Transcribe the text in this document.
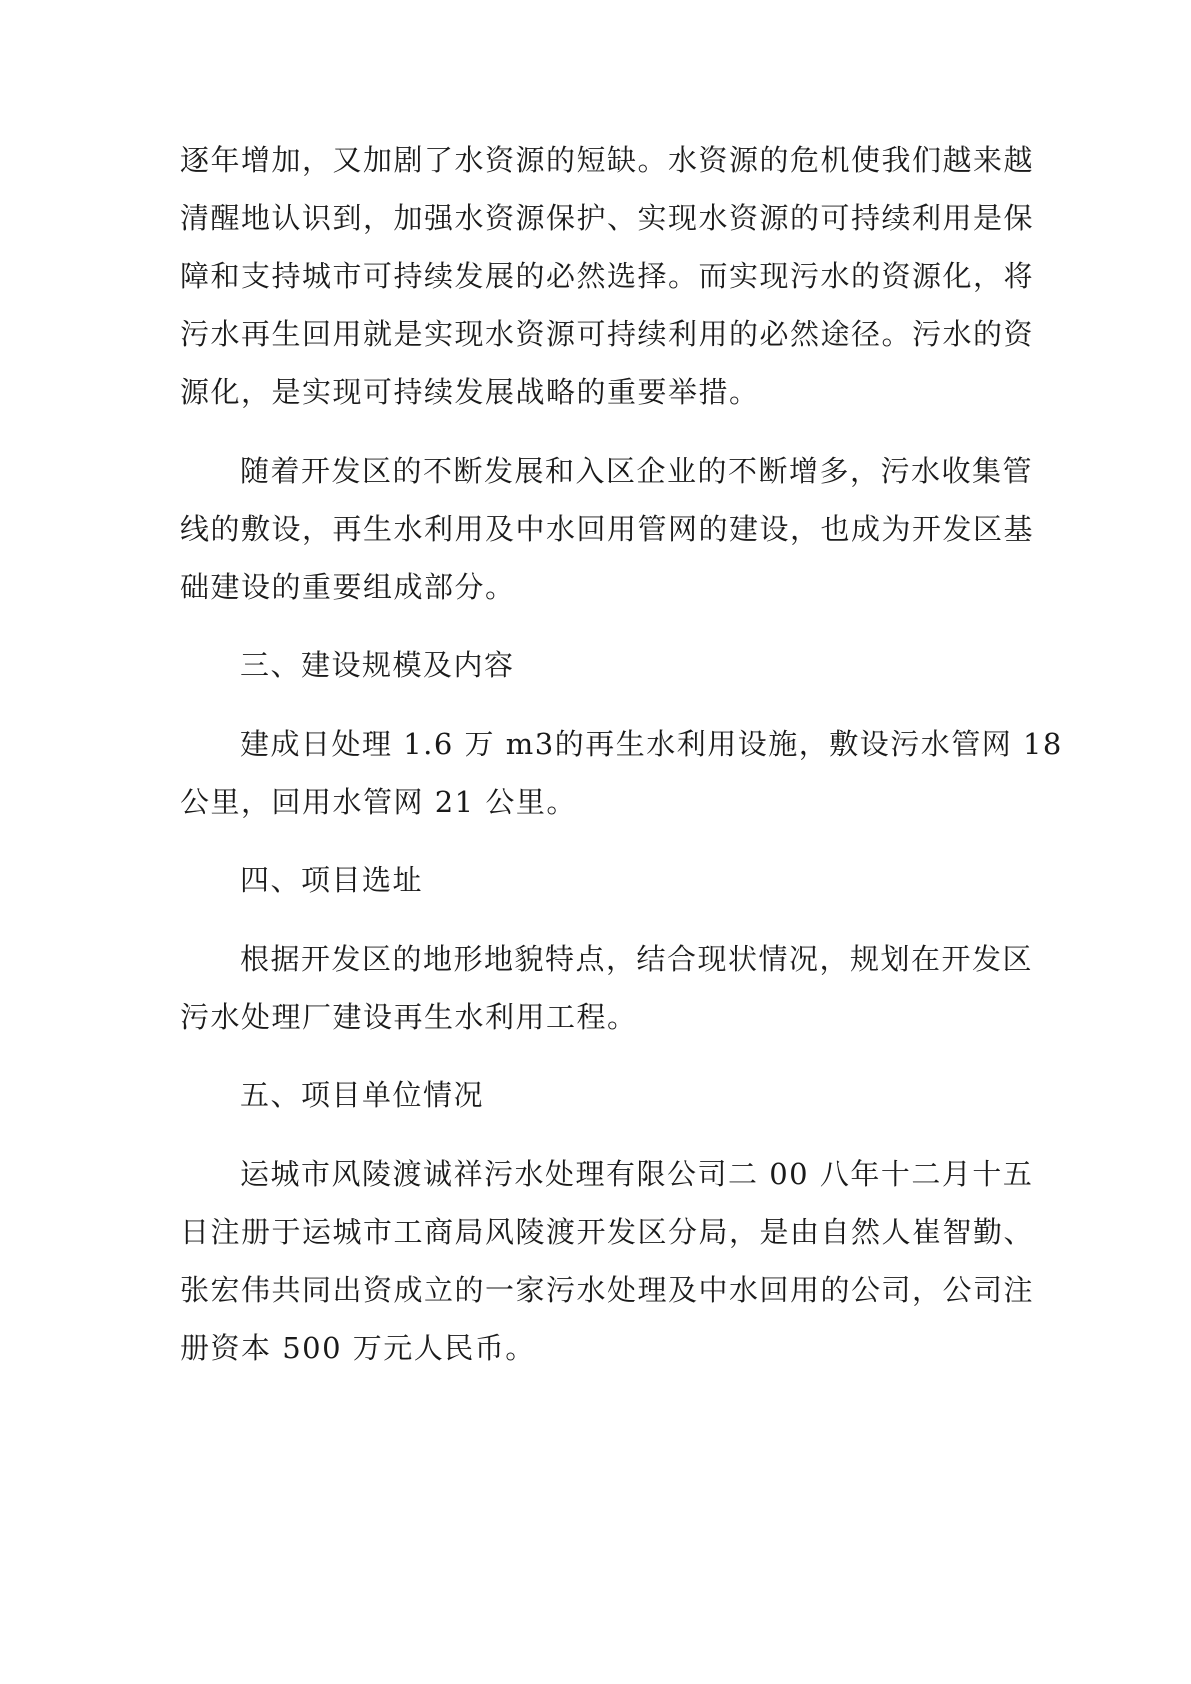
逐年增加，又加剧了水资源的短缺。水资源的危机使我们越来越
清醒地认识到，加强水资源保护、实现水资源的可持续利用是保
障和支持城市可持续发展的必然选择。而实现污水的资源化，将
污水再生回用就是实现水资源可持续利用的必然途径。污水的资
源化，是实现可持续发展战略的重要举措。
随着开发区的不断发展和入区企业的不断增多，污水收集管
线的敷设，再生水利用及中水回用管网的建设，也成为开发区基
础建设的重要组成部分。
三、建设规模及内容
建成日处理 1.6 万 m3的再生水利用设施，敷设污水管网 18
公里，回用水管网 21 公里。
四、项目选址
根据开发区的地形地貌特点，结合现状情况，规划在开发区
污水处理厂建设再生水利用工程。
五、项目单位情况
运城市风陵渡诚祥污水处理有限公司二 00 八年十二月十五
日注册于运城市工商局风陵渡开发区分局，是由自然人崔智勤、
张宏伟共同出资成立的一家污水处理及中水回用的公司，公司注
册资本 500 万元人民币。
